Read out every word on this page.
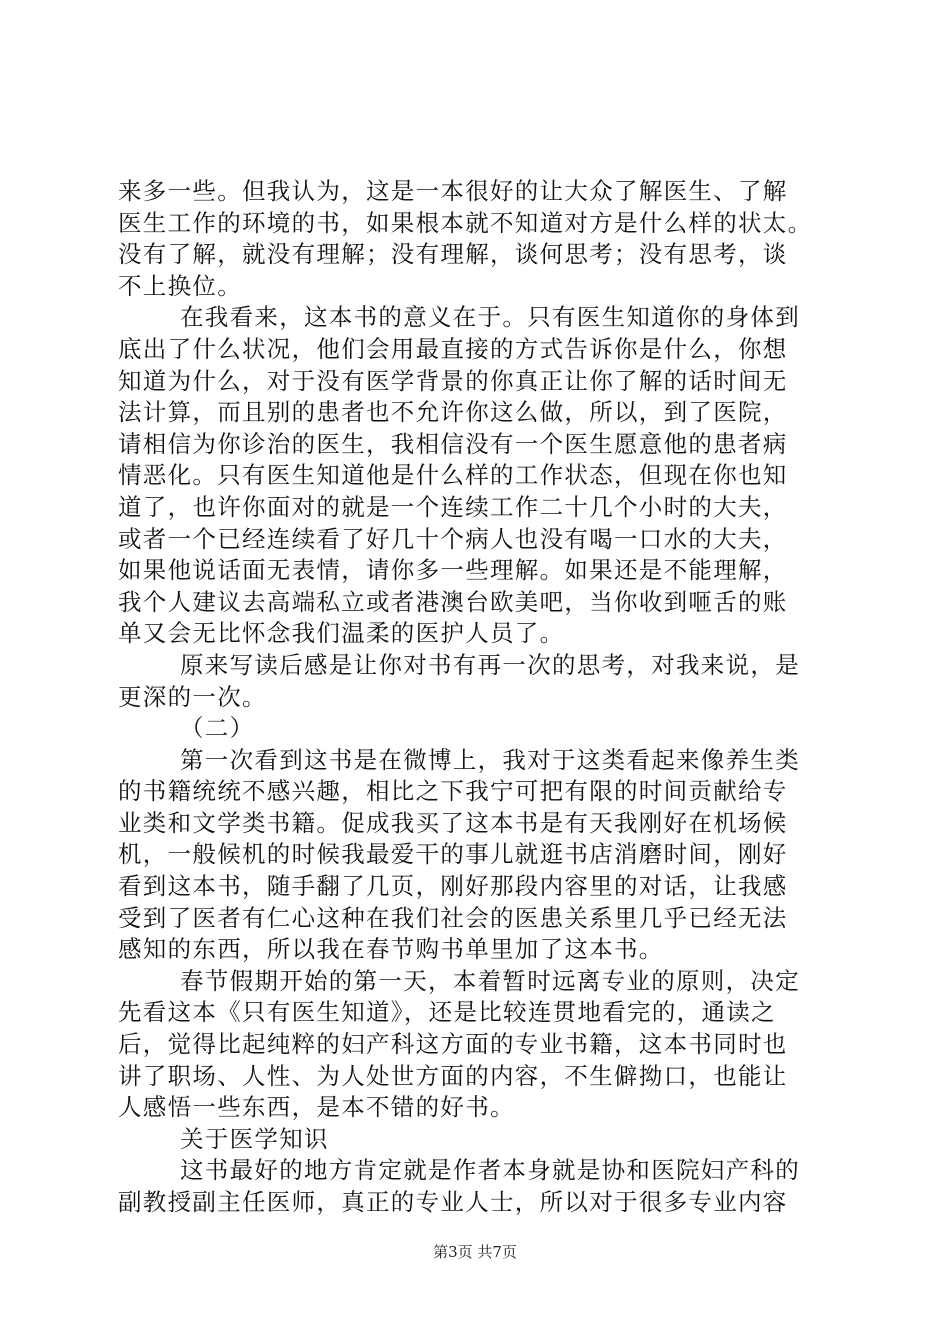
来多一些。但我认为，这是一本很好的让大众了解医生、了解
医生工作的环境的书，如果根本就不知道对方是什么样的状太。
没有了解，就没有理解；没有理解，谈何思考；没有思考，谈
不上换位。
在我看来，这本书的意义在于。只有医生知道你的身体到
底出了什么状况，他们会用最直接的方式告诉你是什么，你想
知道为什么，对于没有医学背景的你真正让你了解的话时间无
法计算，而且别的患者也不允许你这么做，所以，到了医院，
请相信为你诊治的医生，我相信没有一个医生愿意他的患者病
情恶化。只有医生知道他是什么样的工作状态，但现在你也知
道了，也许你面对的就是一个连续工作二十几个小时的大夫，
或者一个已经连续看了好几十个病人也没有喝一口水的大夫，
如果他说话面无表情，请你多一些理解。如果还是不能理解，
我个人建议去高端私立或者港澳台欧美吧，当你收到咂舌的账
单又会无比怀念我们温柔的医护人员了。
原来写读后感是让你对书有再一次的思考，对我来说，是
更深的一次。
（二）
第一次看到这书是在微博上，我对于这类看起来像养生类
的书籍统统不感兴趣，相比之下我宁可把有限的时间贡献给专
业类和文学类书籍。促成我买了这本书是有天我刚好在机场候
机，一般候机的时候我最爱干的事儿就逛书店消磨时间，刚好
看到这本书，随手翻了几页，刚好那段内容里的对话，让我感
受到了医者有仁心这种在我们社会的医患关系里几乎已经无法
感知的东西，所以我在春节购书单里加了这本书。
春节假期开始的第一天，本着暂时远离专业的原则，决定
先看这本《只有医生知道》，还是比较连贯地看完的，通读之
后，觉得比起纯粹的妇产科这方面的专业书籍，这本书同时也
讲了职场、人性、为人处世方面的内容，不生僻拗口，也能让
人感悟一些东西，是本不错的好书。
关于医学知识
这书最好的地方肯定就是作者本身就是协和医院妇产科的
副教授副主任医师，真正的专业人士，所以对于很多专业内容
第3页 共7页
